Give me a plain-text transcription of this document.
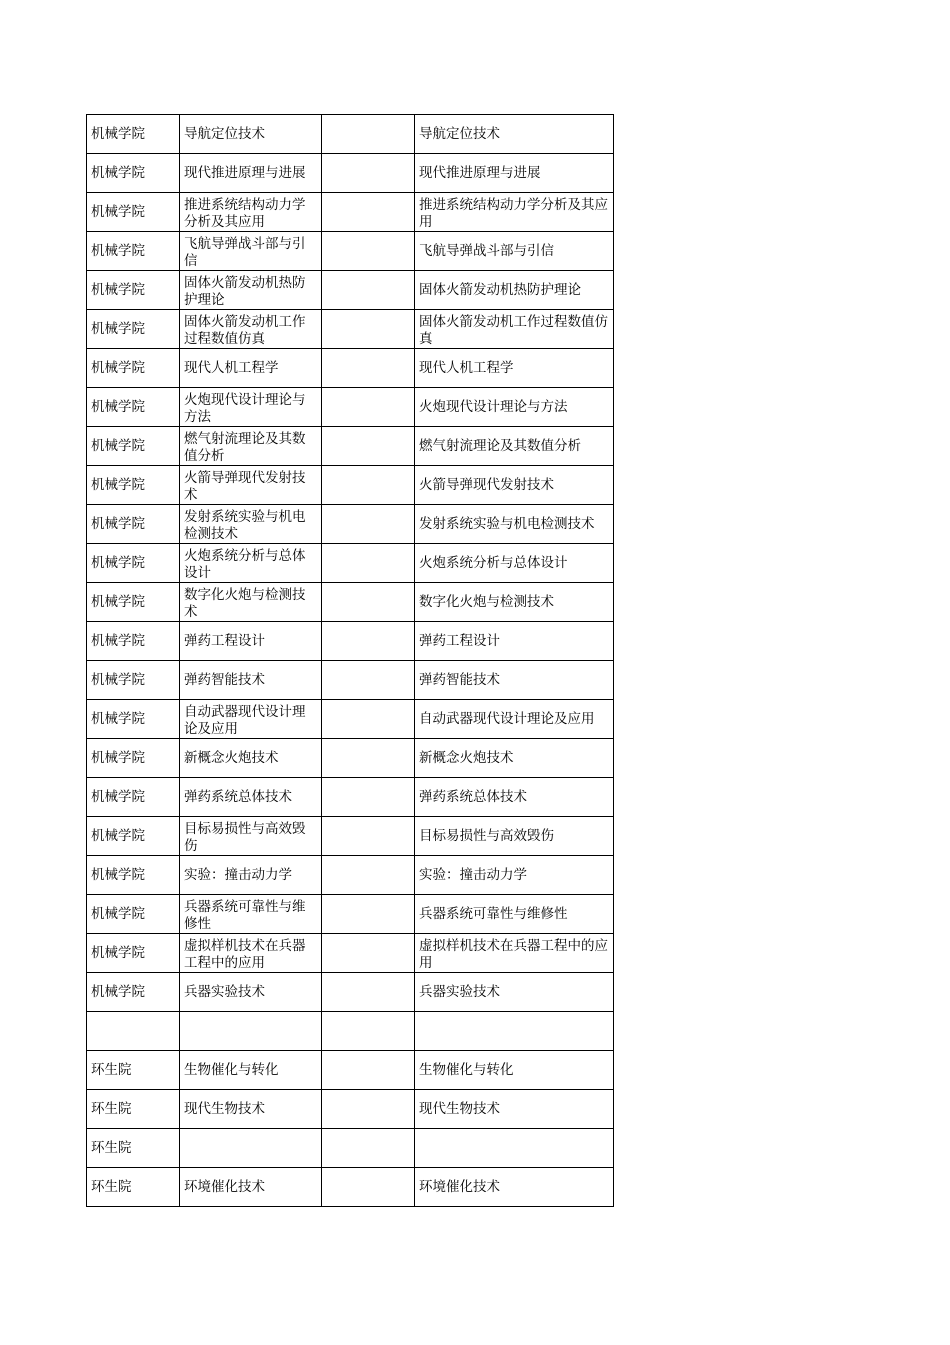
机械学院	导航定位技术		导航定位技术

机械学院	现代推进原理与进展		现代推进原理与进展

机械学院	推进系统结构动力学分析及其应用		推进系统结构动力学分析及其应用

机械学院	飞航导弹战斗部与引信		飞航导弹战斗部与引信

机械学院	固体火箭发动机热防护理论		固体火箭发动机热防护理论

机械学院	固体火箭发动机工作过程数值仿真		固体火箭发动机工作过程数值仿真

机械学院	现代人机工程学		现代人机工程学

机械学院	火炮现代设计理论与方法		火炮现代设计理论与方法

机械学院	燃气射流理论及其数值分析		燃气射流理论及其数值分析

机械学院	火箭导弹现代发射技术		火箭导弹现代发射技术

机械学院	发射系统实验与机电检测技术		发射系统实验与机电检测技术

机械学院	火炮系统分析与总体设计		火炮系统分析与总体设计

机械学院	数字化火炮与检测技术		数字化火炮与检测技术

机械学院	弹药工程设计		弹药工程设计

机械学院	弹药智能技术		弹药智能技术

机械学院	自动武器现代设计理论及应用		自动武器现代设计理论及应用

机械学院	新概念火炮技术		新概念火炮技术

机械学院	弹药系统总体技术		弹药系统总体技术

机械学院	目标易损性与高效毁伤		目标易损性与高效毁伤

机械学院	实验：撞击动力学		实验：撞击动力学

机械学院	兵器系统可靠性与维修性		兵器系统可靠性与维修性

机械学院	虚拟样机技术在兵器工程中的应用		虚拟样机技术在兵器工程中的应用

机械学院	兵器实验技术		兵器实验技术

环生院	生物催化与转化		生物催化与转化

环生院	现代生物技术		现代生物技术

环生院			

环生院	环境催化技术		环境催化技术
